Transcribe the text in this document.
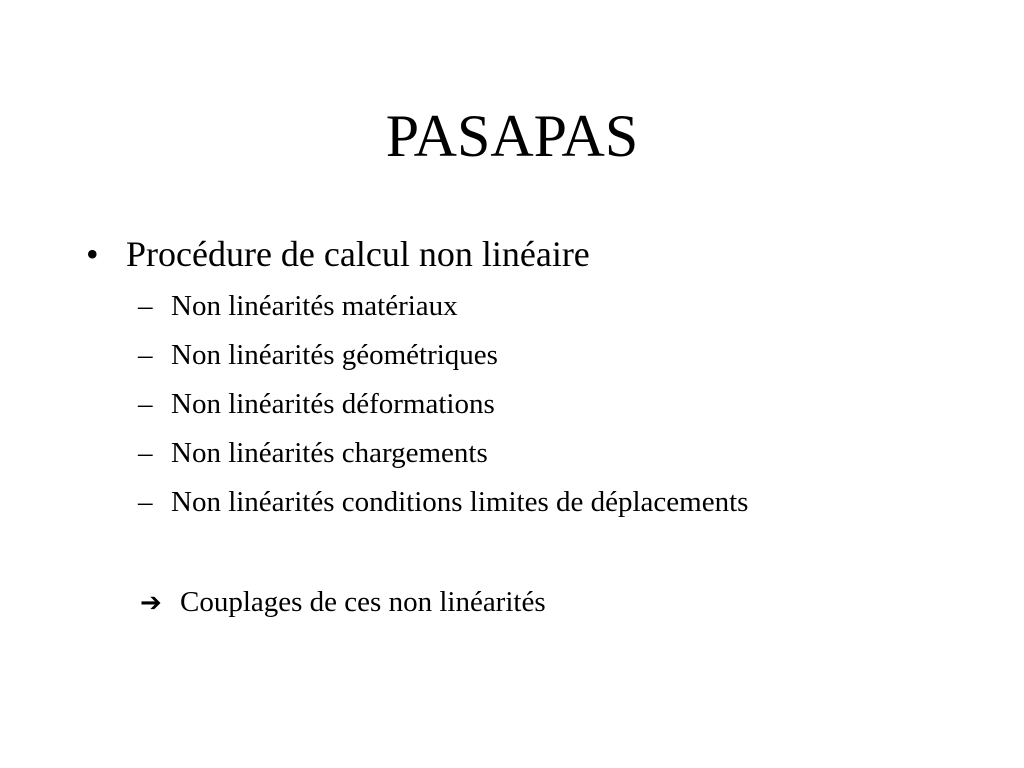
PASAPAS
• Procédure de calcul non linéaire
– Non linéarités matériaux
– Non linéarités géométriques
– Non linéarités déformations
– Non linéarités chargements
– Non linéarités conditions limites de déplacements
➔ Couplages de ces non linéarités
